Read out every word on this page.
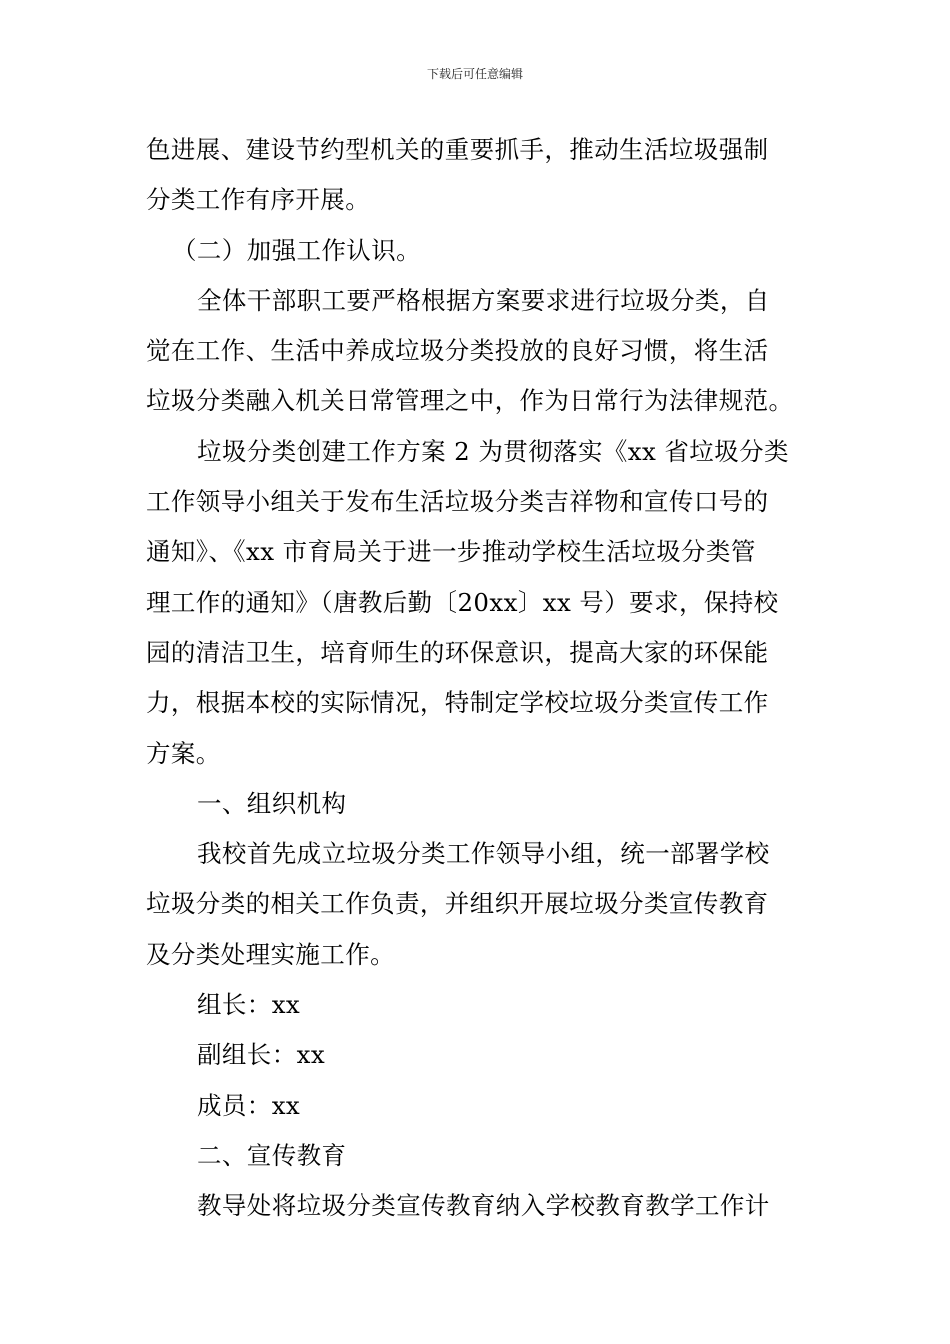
下载后可任意编辑
色进展、建设节约型机关的重要抓手，推动生活垃圾强制
分类工作有序开展。
（二）加强工作认识。
全体干部职工要严格根据方案要求进行垃圾分类，自
觉在工作、生活中养成垃圾分类投放的良好习惯，将生活
垃圾分类融入机关日常管理之中，作为日常行为法律规范。
垃圾分类创建工作方案 2 为贯彻落实《xx 省垃圾分类
工作领导小组关于发布生活垃圾分类吉祥物和宣传口号的
通知》、《xx 市育局关于进一步推动学校生活垃圾分类管
理工作的通知》（唐教后勤〔20xx〕xx 号）要求，保持校
园的清洁卫生，培育师生的环保意识，提高大家的环保能
力，根据本校的实际情况，特制定学校垃圾分类宣传工作
方案。
一、组织机构
我校首先成立垃圾分类工作领导小组，统一部署学校
垃圾分类的相关工作负责，并组织开展垃圾分类宣传教育
及分类处理实施工作。
组长：xx
副组长：xx
成员：xx
二、宣传教育
教导处将垃圾分类宣传教育纳入学校教育教学工作计
